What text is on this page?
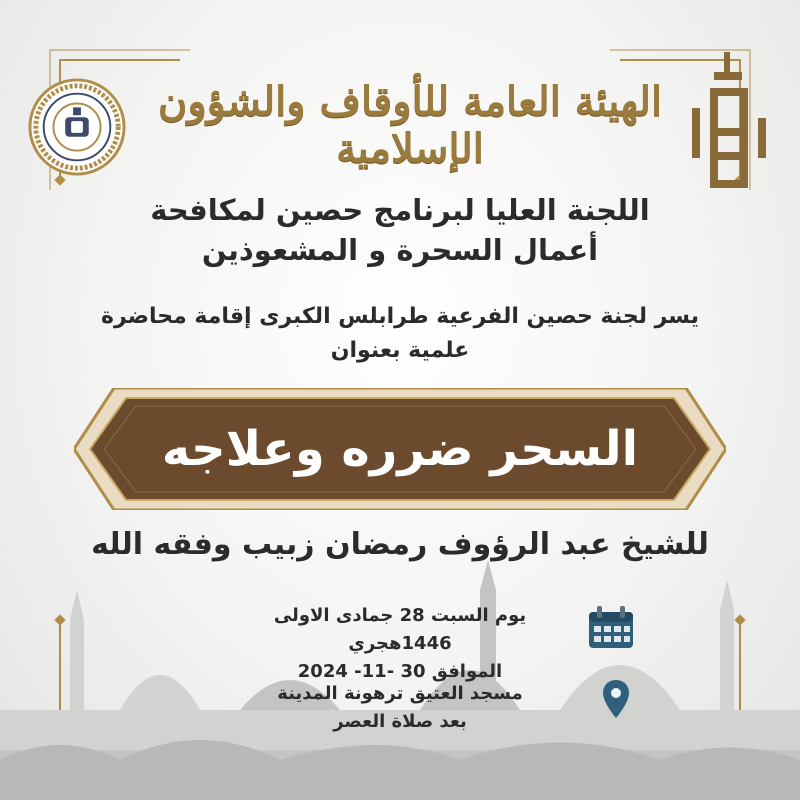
الهيئة العامة للأوقاف والشؤون الإسلامية
اللجنة العليا لبرنامج حصين لمكافحة
أعمال السحرة و المشعوذين
يسر لجنة حصين الفرعية طرابلس الكبرى إقامة محاضرة
علمية بعنوان
السحر ضرره وعلاجه
للشيخ عبد الرؤوف رمضان زبيب وفقه الله
يوم السبت 28 جمادى الاولى 1446هجري
الموافق 30 -11- 2024
مسجد العتيق ترهونة المدينة
بعد صلاة العصر
